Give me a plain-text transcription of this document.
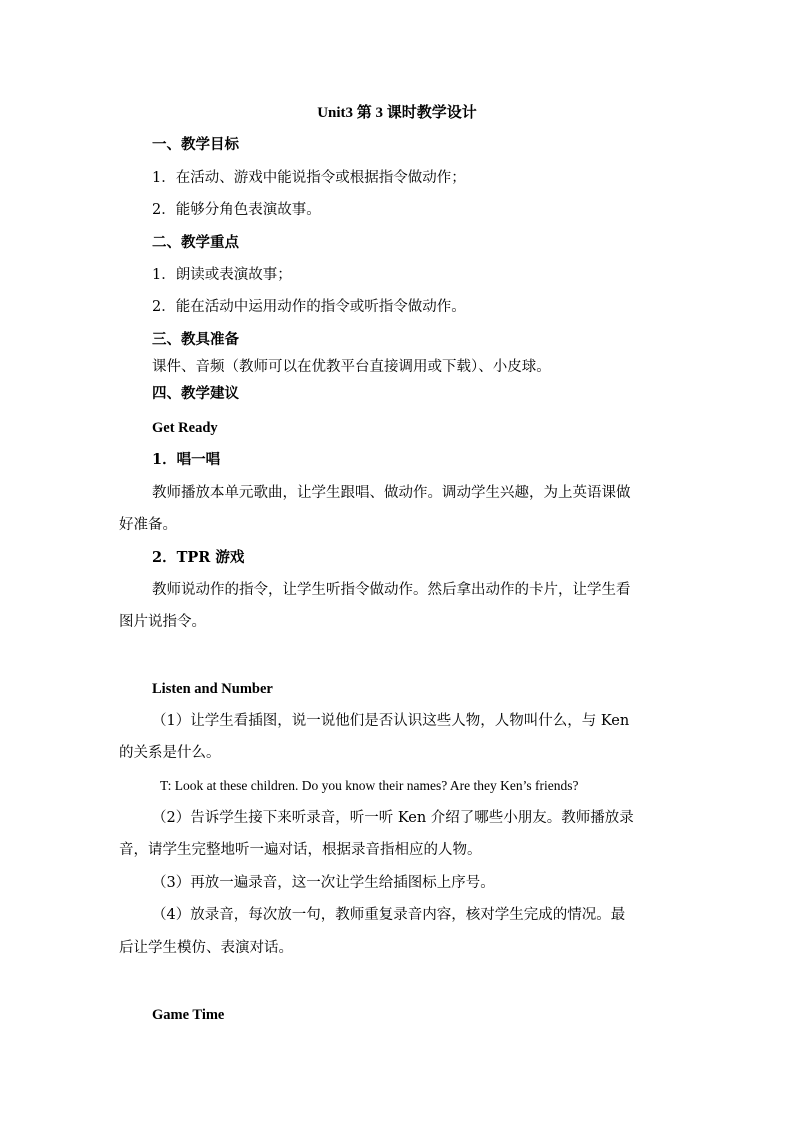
Unit3 第 3 课时教学设计
一、教学目标
1．在活动、游戏中能说指令或根据指令做动作；
2．能够分角色表演故事。
二、教学重点
1．朗读或表演故事；
2．能在活动中运用动作的指令或听指令做动作。
三、教具准备
课件、音频（教师可以在优教平台直接调用或下载）、小皮球。
四、教学建议
Get Ready
1．唱一唱
教师播放本单元歌曲，让学生跟唱、做动作。调动学生兴趣，为上英语课做
好准备。
2．TPR 游戏
教师说动作的指令，让学生听指令做动作。然后拿出动作的卡片，让学生看
图片说指令。
Listen and Number
（1）让学生看插图，说一说他们是否认识这些人物，人物叫什么，与 Ken
的关系是什么。
T: Look at these children. Do you know their names? Are they Ken’s friends?
（2）告诉学生接下来听录音，听一听 Ken 介绍了哪些小朋友。教师播放录
音，请学生完整地听一遍对话，根据录音指相应的人物。
（3）再放一遍录音，这一次让学生给插图标上序号。
（4）放录音，每次放一句，教师重复录音内容，核对学生完成的情况。最
后让学生模仿、表演对话。
Game Time
